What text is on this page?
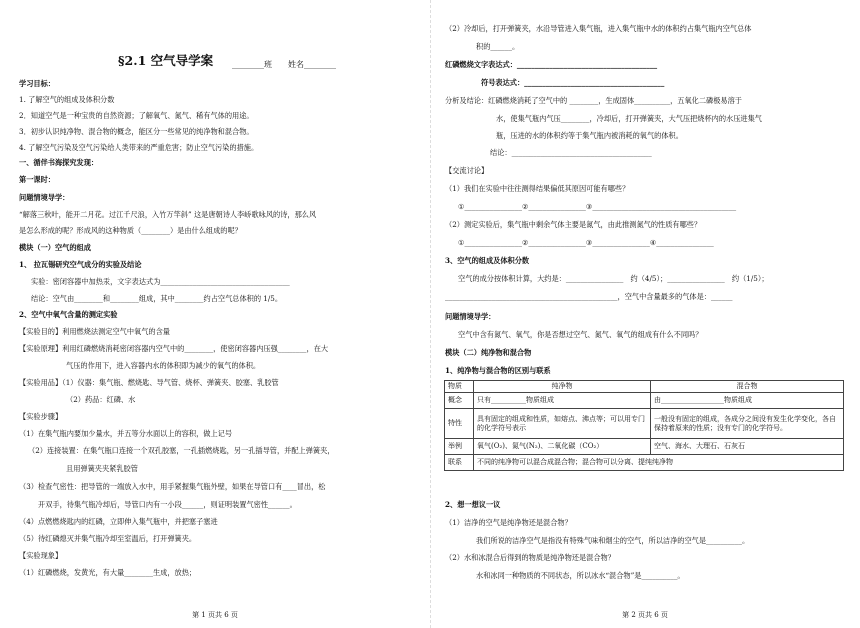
§2.1 空气导学案 ________班　　姓名________
学习目标：
1. 了解空气的组成及体积分数
2．知道空气是一种宝贵的自然资源；了解氧气、氮气、稀有气体的用途。
3．初步认识纯净物、混合物的概念，能区分一些常见的纯净物和混合物。
4. 了解空气污染及空气污染给人类带来的严重危害；防止空气污染的措施。
一、循伴书海探究发现：
第一课时：
问题情境导学：
“解落三秋叶，能开二月花。过江千尺浪，入竹万竿斜” 这是唐朝诗人李峤歌咏风的诗，那么风
是怎么形成的呢？形成风的这种物质（________）是由什么组成的呢？
模块（一）空气的组成
1、 拉瓦锡研究空气成分的实验及结论
实验：密闭容器中加热汞，文字表达式为____________________________________
结论：空气由________和________组成，其中________约占空气总体积的 1/5。
2、空气中氧气含量的测定实验
【实验目的】利用燃烧法测定空气中氧气的含量
【实验原理】利用红磷燃烧消耗密闭容器内空气中的________，使密闭容器内压强________，在大
气压的作用下，进入容器内水的体积即为减少的氧气的体积。
【实验用品】（1）仪器：集气瓶、燃烧匙、导气管、烧杯、弹簧夹、胶塞、乳胶管
（2）药品：红磷、水
【实验步骤】
（1）在集气瓶内要加少量水，并五等分水面以上的容积，做上记号
（2）连接装置：在集气瓶口连接一个双孔胶塞，一孔插燃烧匙，另一孔插导管，并配上弹簧夹，
且用弹簧夹夹紧乳胶管
（3）检查气密性：把导管的一端放入水中，用手紧握集气瓶外壁，如果在导管口有____冒出，松
开双手，待集气瓶冷却后，导管口内有一小段______，则证明装置气密性______。
（4）点燃燃烧匙内的红磷，立即伸入集气瓶中，并把塞子塞进
（5）待红磷熄灭并集气瓶冷却至室温后，打开弹簧夹。
【实验现象】
（1）红磷燃烧，发黄光，有大量________生成，放热；
第 1 页共 6 页
（2）冷却后，打开弹簧夹，水沿导管进入集气瓶，进入集气瓶中水的体积约占集气瓶内空气总体
积的______。
红磷燃烧文字表达式：_______________________________________
符号表达式：_______________________________________
分析及结论：红磷燃烧消耗了空气中的 ________，生成固体__________，五氧化二磷极易溶于
水，使集气瓶内气压________，冷却后，打开弹簧夹，大气压把烧杯内的水压进集气
瓶，压进的水的体积约等于集气瓶内被消耗的氧气的体积。
结论：_______________________________________
【交流讨论】
（1）我们在实验中往往测得结果偏低其原因可能有哪些？
①________________②________________③________________________________________
（2）测定实验后，集气瓶中剩余气体主要是氮气，由此推测氮气的性质有哪些？
①________________②________________③________________④________________
3、空气的组成及体积分数
空气的成分按体积计算，大约是：________________　约（4/5）；________________　约（1/5）；
________________________________________________，空气中含量最多的气体是：______
问题情境导学：
空气中含有氮气、氧气，你是否想过空气、氮气、氧气的组成有什么不同吗？
模块（二）纯净物和混合物
1、纯净物与混合物的区别与联系
物质	纯净物	混合物
概念	只有__________物质组成	由__________________物质组成
特性	具有固定的组成和性质，如熔点、沸点等；可以用专门的化学符号表示	一般没有固定的组成，各成分之间没有发生化学变化，各自保持着原来的性质；没有专门的化学符号。
举例	氧气(O₂)、氮气(N₂)、二氧化碳（CO₂）	空气、海水、大理石、石灰石
联系	不同的纯净物可以混合成混合物；混合物可以分离、提纯纯净物	
2、想一想议一议
（1）洁净的空气是纯净物还是混合物？
我们所说的洁净空气是指没有特殊气味和烟尘的空气，所以洁净的空气是__________。
（2）水和冰混合后得到的物质是纯净物还是混合物？
水和冰同一种物质的不同状态，所以冰水“混合物”是__________。
第 2 页共 6 页
